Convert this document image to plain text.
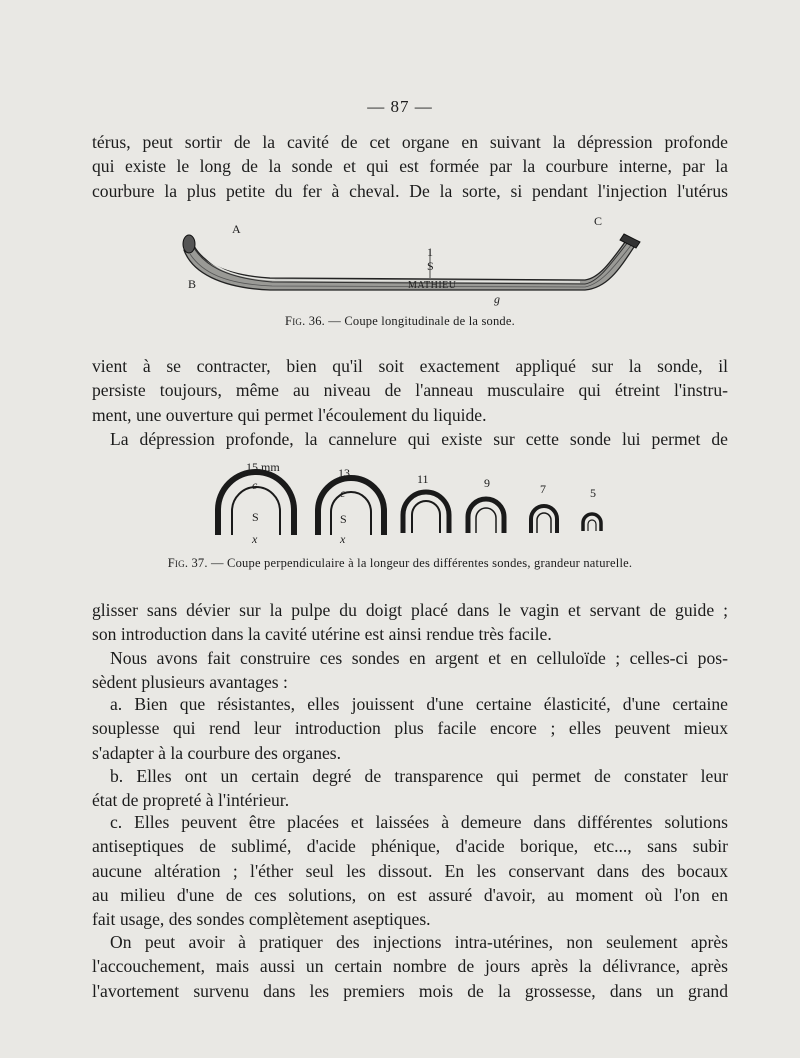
— 87 —
térus, peut sortir de la cavité de cet organe en suivant la dépression profonde
qui existe le long de la sonde et qui est formée par la courbure interne, par la
courbure la plus petite du fer à cheval. De la sorte, si pendant l'injection l'utérus
A
B
C
1
S
MATHIEU
g
Fig. 36. — Coupe longitudinale de la sonde.
vient à se contracter, bien qu'il soit exactement appliqué sur la sonde, il
persiste toujours, même au niveau de l'anneau musculaire qui étreint l'instru-
ment, une ouverture qui permet l'écoulement du liquide.
La dépression profonde, la cannelure qui existe sur cette sonde lui permet de
15 mm	13	11	9	7	5
c
S
x
c
S
x
Fig. 37. — Coupe perpendiculaire à la longeur des différentes sondes, grandeur naturelle.
glisser sans dévier sur la pulpe du doigt placé dans le vagin et servant de guide ;
son introduction dans la cavité utérine est ainsi rendue très facile.
Nous avons fait construire ces sondes en argent et en celluloïde ; celles-ci pos-
sèdent plusieurs avantages :
a. Bien que résistantes, elles jouissent d'une certaine élasticité, d'une certaine
souplesse qui rend leur introduction plus facile encore ; elles peuvent mieux
s'adapter à la courbure des organes.
b. Elles ont un certain degré de transparence qui permet de constater leur
état de propreté à l'intérieur.
c. Elles peuvent être placées et laissées à demeure dans différentes solutions
antiseptiques de sublimé, d'acide phénique, d'acide borique, etc..., sans subir
aucune altération ; l'éther seul les dissout. En les conservant dans des bocaux
au milieu d'une de ces solutions, on est assuré d'avoir, au moment où l'on en
fait usage, des sondes complètement aseptiques.
On peut avoir à pratiquer des injections intra-utérines, non seulement après
l'accouchement, mais aussi un certain nombre de jours après la délivrance, après
l'avortement survenu dans les premiers mois de la grossesse, dans un grand
